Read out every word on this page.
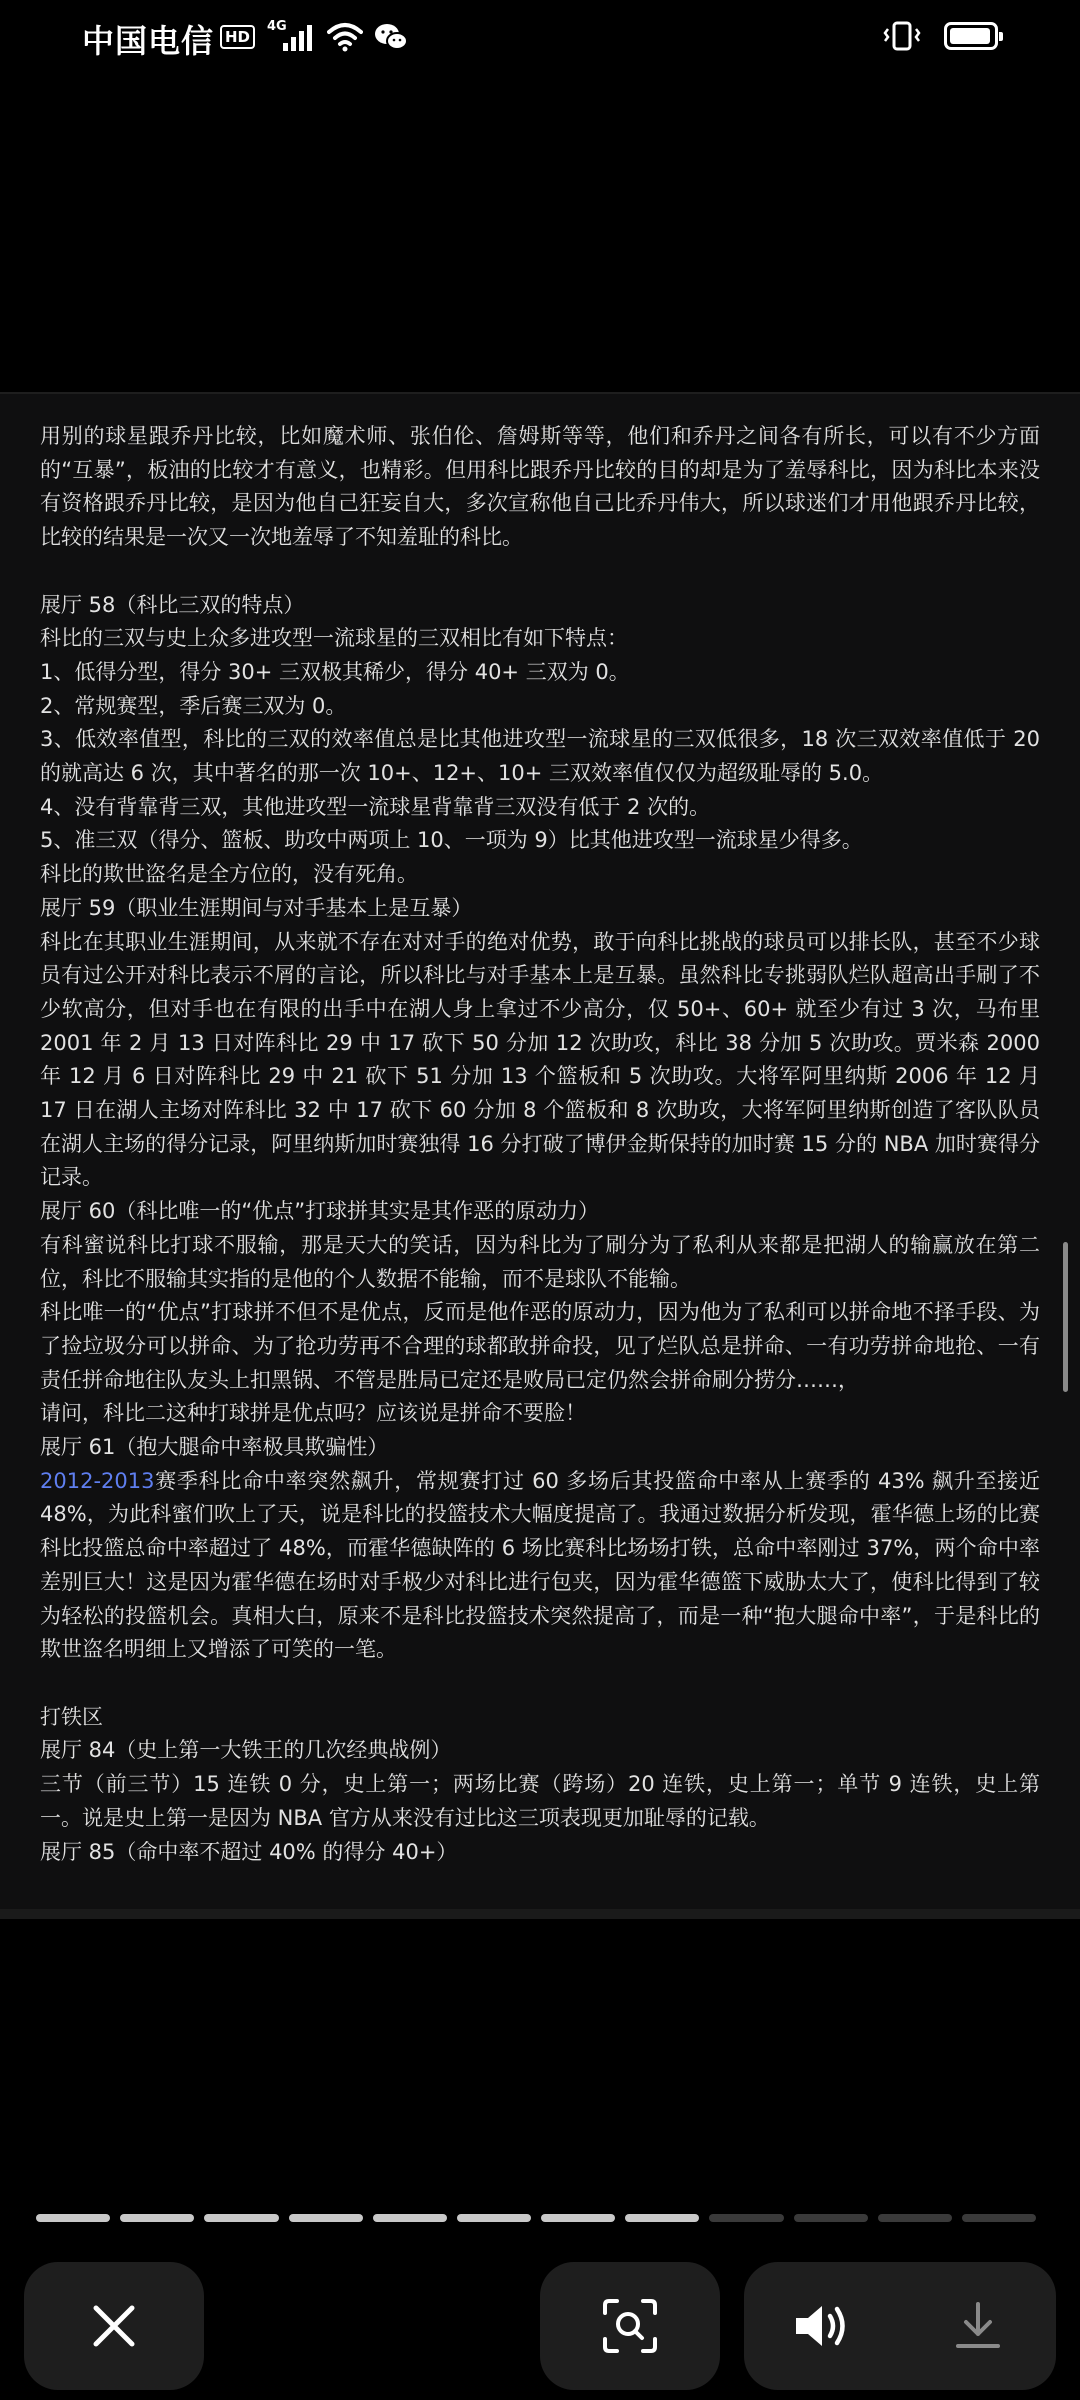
中国电信 HD
4G

用别的球星跟乔丹比较，比如魔术师、张伯伦、詹姆斯等等，他们和乔丹之间各有所长，可以有不少方面的“互暴”，板油的比较才有意义，也精彩。但用科比跟乔丹比较的目的却是为了羞辱科比，因为科比本来没有资格跟乔丹比较，是因为他自己狂妄自大，多次宣称他自己比乔丹伟大，所以球迷们才用他跟乔丹比较，比较的结果是一次又一次地羞辱了不知羞耻的科比。

展厅 58（科比三双的特点）

科比的三双与史上众多进攻型一流球星的三双相比有如下特点：

1、低得分型，得分 30+ 三双极其稀少，得分 40+ 三双为 0。

2、常规赛型，季后赛三双为 0。

3、低效率值型，科比的三双的效率值总是比其他进攻型一流球星的三双低很多，18 次三双效率值低于 20 的就高达 6 次，其中著名的那一次 10+、12+、10+ 三双效率值仅仅为超级耻辱的 5.0。

4、没有背靠背三双，其他进攻型一流球星背靠背三双没有低于 2 次的。

5、准三双（得分、篮板、助攻中两项上 10、一项为 9）比其他进攻型一流球星少得多。

科比的欺世盗名是全方位的，没有死角。

展厅 59（职业生涯期间与对手基本上是互暴）

科比在其职业生涯期间，从来就不存在对对手的绝对优势，敢于向科比挑战的球员可以排长队，甚至不少球员有过公开对科比表示不屑的言论，所以科比与对手基本上是互暴。虽然科比专挑弱队烂队超高出手刷了不少软高分，但对手也在有限的出手中在湖人身上拿过不少高分，仅 50+、60+ 就至少有过 3 次，马布里 2001 年 2 月 13 日对阵科比 29 中 17 砍下 50 分加 12 次助攻，科比 38 分加 5 次助攻。贾米森 2000 年 12 月 6 日对阵科比 29 中 21 砍下 51 分加 13 个篮板和 5 次助攻。大将军阿里纳斯 2006 年 12 月 17 日在湖人主场对阵科比 32 中 17 砍下 60 分加 8 个篮板和 8 次助攻，大将军阿里纳斯创造了客队队员在湖人主场的得分记录，阿里纳斯加时赛独得 16 分打破了博伊金斯保持的加时赛 15 分的 NBA 加时赛得分记录。

展厅 60（科比唯一的“优点”打球拼其实是其作恶的原动力）

有科蜜说科比打球不服输，那是天大的笑话，因为科比为了刷分为了私利从来都是把湖人的输赢放在第二位，科比不服输其实指的是他的个人数据不能输，而不是球队不能输。

科比唯一的“优点”打球拼不但不是优点，反而是他作恶的原动力，因为他为了私利可以拼命地不择手段、为了捡垃圾分可以拼命、为了抢功劳再不合理的球都敢拼命投，见了烂队总是拼命、一有功劳拼命地抢、一有责任拼命地往队友头上扣黑锅、不管是胜局已定还是败局已定仍然会拼命刷分捞分……，

请问，科比二这种打球拼是优点吗？应该说是拼命不要脸！

展厅 61（抱大腿命中率极具欺骗性）

2012-2013赛季科比命中率突然飙升，常规赛打过 60 多场后其投篮命中率从上赛季的 43% 飙升至接近 48%，为此科蜜们吹上了天，说是科比的投篮技术大幅度提高了。我通过数据分析发现，霍华德上场的比赛科比投篮总命中率超过了 48%，而霍华德缺阵的 6 场比赛科比场场打铁，总命中率刚过 37%，两个命中率差别巨大！这是因为霍华德在场时对手极少对科比进行包夹，因为霍华德篮下威胁太大了，使科比得到了较为轻松的投篮机会。真相大白，原来不是科比投篮技术突然提高了，而是一种“抱大腿命中率”，于是科比的欺世盗名明细上又增添了可笑的一笔。

打铁区

展厅 84（史上第一大铁王的几次经典战例）

三节（前三节）15 连铁 0 分，史上第一；两场比赛（跨场）20 连铁，史上第一；单节 9 连铁，史上第一。说是史上第一是因为 NBA 官方从来没有过比这三项表现更加耻辱的记载。

展厅 85（命中率不超过 40% 的得分 40+）
